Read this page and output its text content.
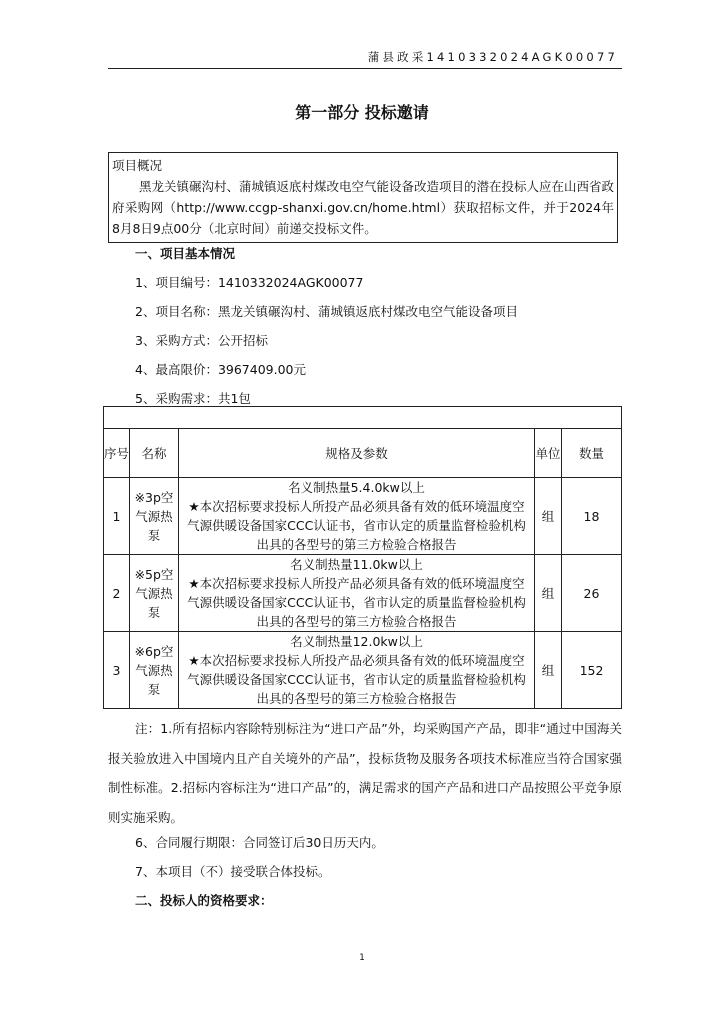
蒲县政采1410332024AGK00077
第一部分 投标邀请
项目概况
黑龙关镇碾沟村、蒲城镇返底村煤改电空气能设备改造项目的潜在投标人应在山西省政府采购网（http://www.ccgp-shanxi.gov.cn/home.html）获取招标文件，并于2024年8月8日9点00分（北京时间）前递交投标文件。
一、项目基本情况
1、项目编号：1410332024AGK00077
2、项目名称：黑龙关镇碾沟村、蒲城镇返底村煤改电空气能设备项目
3、采购方式：公开招标
4、最高限价：3967409.00元
5、采购需求：共1包

序号	名称	规格及参数	单位	数量
1	※3p空气源热泵	名义制热量5.4.0kw以上
★本次招标要求投标人所投产品必须具备有效的低环境温度空气源供暖设备国家CCC认证书，省市认定的质量监督检验机构出具的各型号的第三方检验合格报告	组	18
2	※5p空气源热泵	名义制热量11.0kw以上
★本次招标要求投标人所投产品必须具备有效的低环境温度空气源供暖设备国家CCC认证书，省市认定的质量监督检验机构出具的各型号的第三方检验合格报告	组	26
3	※6p空气源热泵	名义制热量12.0kw以上
★本次招标要求投标人所投产品必须具备有效的低环境温度空气源供暖设备国家CCC认证书，省市认定的质量监督检验机构出具的各型号的第三方检验合格报告	组	152
注：1.所有招标内容除特别标注为“进口产品”外，均采购国产产品，即非“通过中国海关报关验放进入中国境内且产自关境外的产品”，投标货物及服务各项技术标准应当符合国家强制性标准。2.招标内容标注为“进口产品”的，满足需求的国产产品和进口产品按照公平竞争原则实施采购。
6、合同履行期限：合同签订后30日历天内。
7、本项目（不）接受联合体投标。
二、投标人的资格要求：
1
